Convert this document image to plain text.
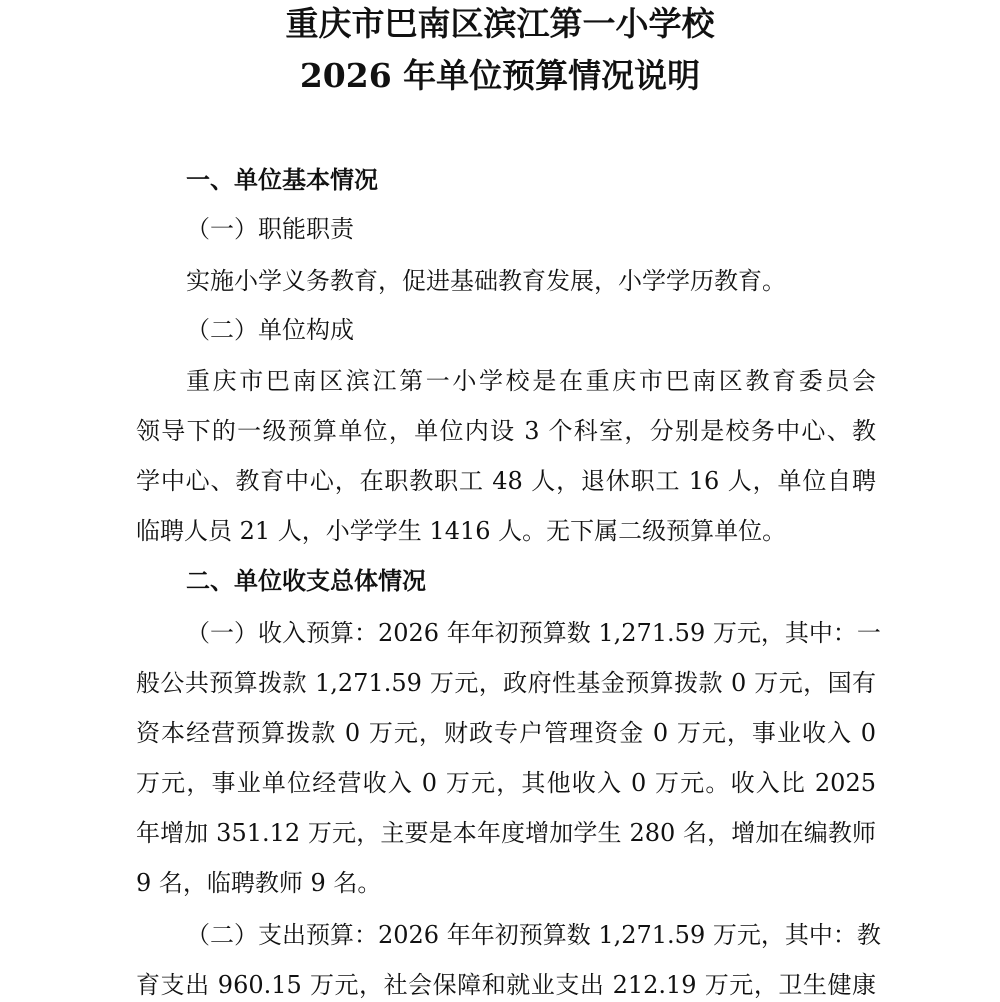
重庆市巴南区滨江第一小学校
2026 年单位预算情况说明
一、单位基本情况
（一）职能职责
实施小学义务教育，促进基础教育发展，小学学历教育。
（二）单位构成
重庆市巴南区滨江第一小学校是在重庆市巴南区教育委员会
领导下的一级预算单位，单位内设 3 个科室，分别是校务中心、教
学中心、教育中心，在职教职工 48 人，退休职工 16 人，单位自聘
临聘人员 21 人，小学学生 1416 人。无下属二级预算单位。
二、单位收支总体情况
（一）收入预算：2026 年年初预算数 1,271.59 万元，其中：一
般公共预算拨款 1,271.59 万元，政府性基金预算拨款 0 万元，国有
资本经营预算拨款 0 万元，财政专户管理资金 0 万元，事业收入 0
万元，事业单位经营收入 0 万元，其他收入 0 万元。收入比 2025
年增加 351.12 万元，主要是本年度增加学生 280 名，增加在编教师
9 名，临聘教师 9 名。
（二）支出预算：2026 年年初预算数 1,271.59 万元，其中：教
育支出 960.15 万元，社会保障和就业支出 212.19 万元，卫生健康
